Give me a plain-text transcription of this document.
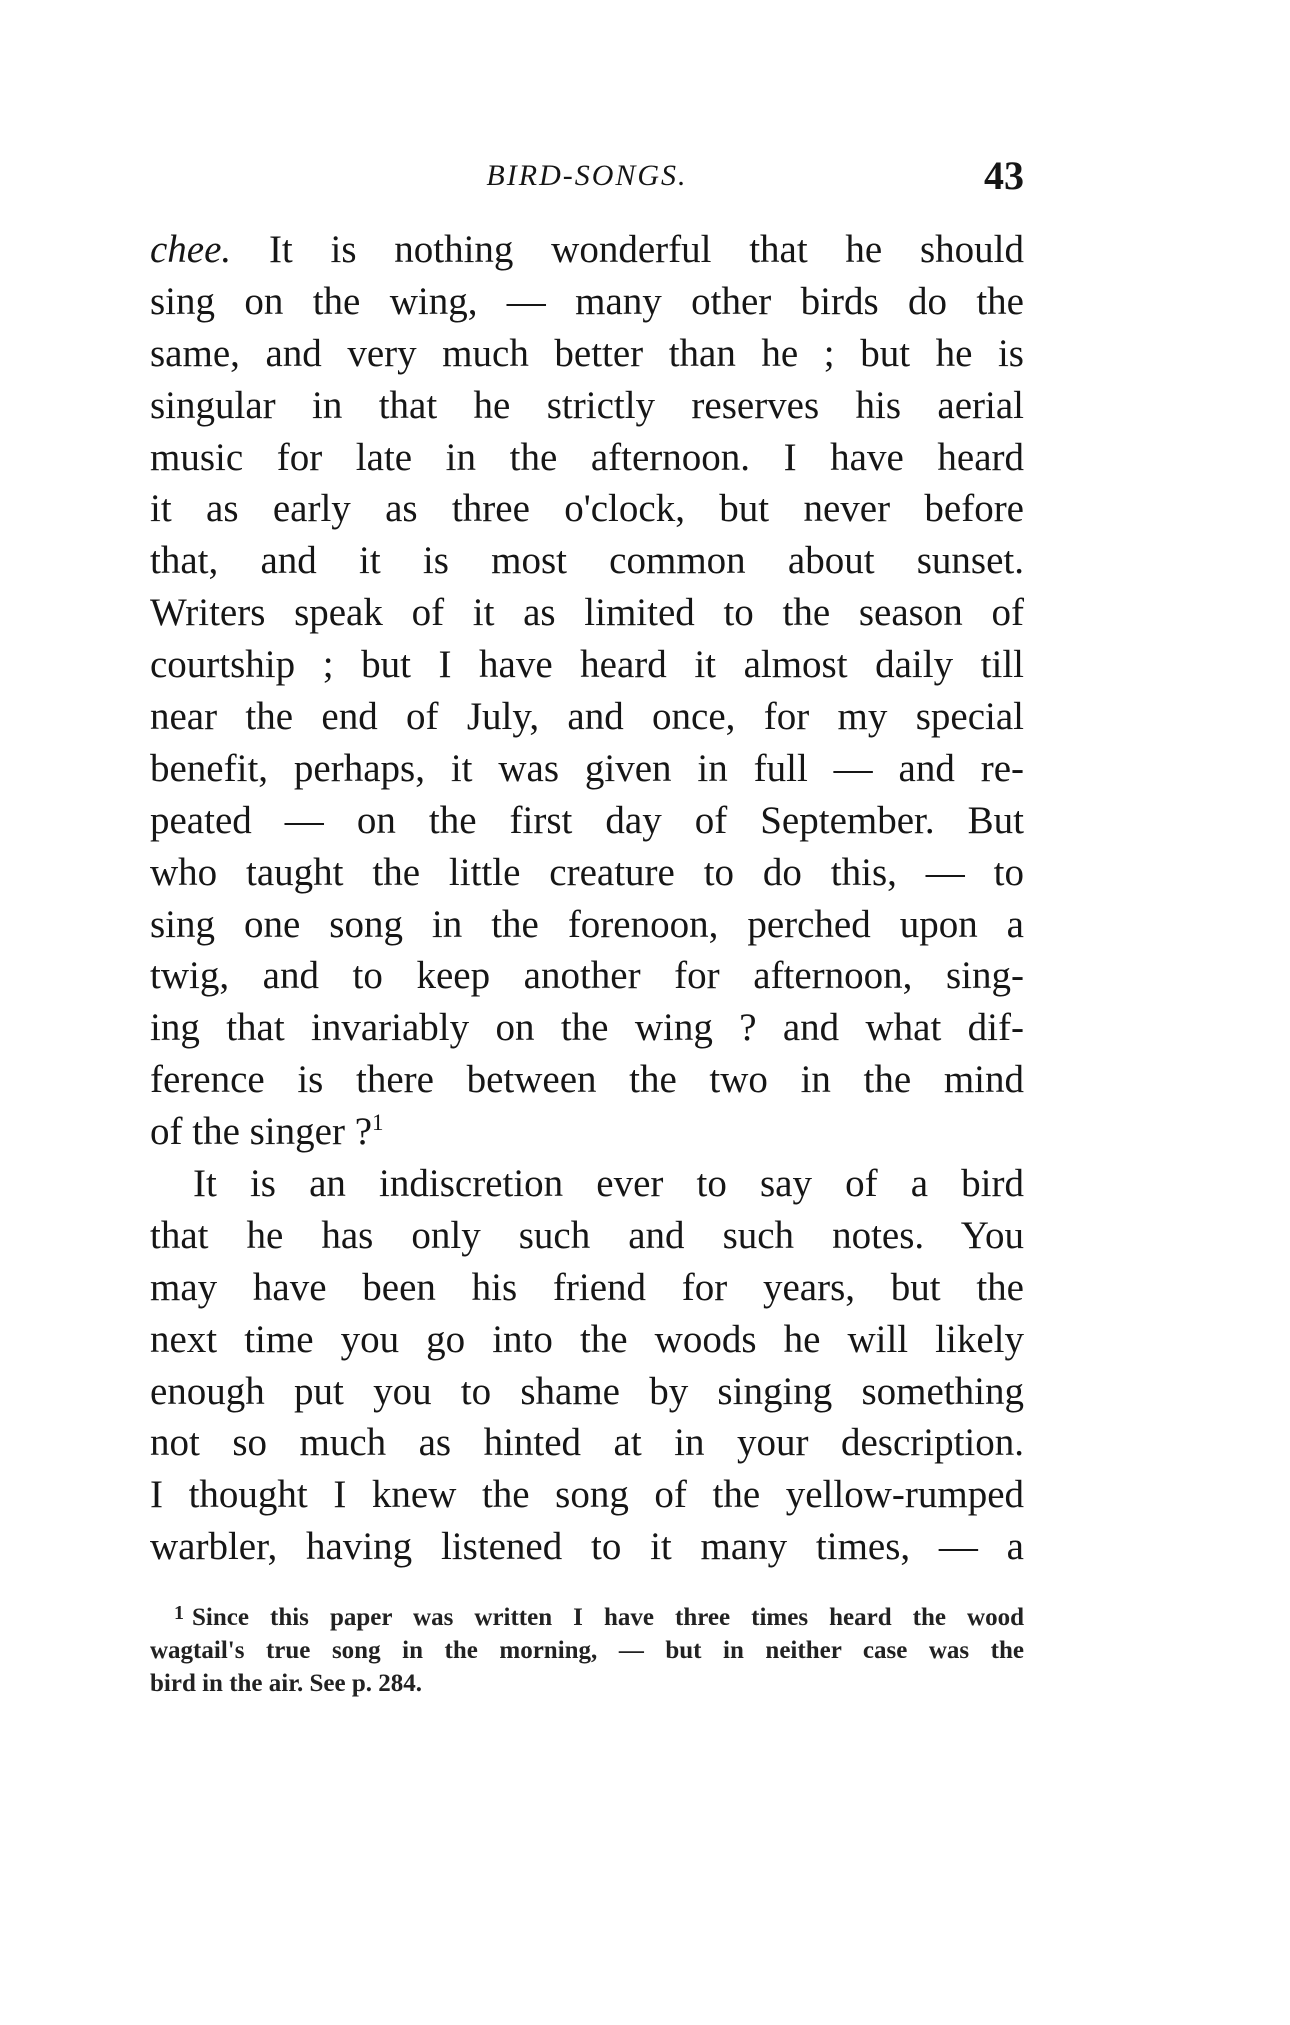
BIRD-SONGS.	43
chee. It is nothing wonderful that he should
sing on the wing, — many other birds do the
same, and very much better than he ; but he is
singular in that he strictly reserves his aerial
music for late in the afternoon. I have heard
it as early as three o'clock, but never before
that, and it is most common about sunset.
Writers speak of it as limited to the season of
courtship ; but I have heard it almost daily till
near the end of July, and once, for my special
benefit, perhaps, it was given in full — and re-
peated — on the first day of September. But
who taught the little creature to do this, — to
sing one song in the forenoon, perched upon a
twig, and to keep another for afternoon, sing-
ing that invariably on the wing ? and what dif-
ference is there between the two in the mind
of the singer ?$^1$
It is an indiscretion ever to say of a bird
that he has only such and such notes. You
may have been his friend for years, but the
next time you go into the woods he will likely
enough put you to shame by singing something
not so much as hinted at in your description.
I thought I knew the song of the yellow-rumped
warbler, having listened to it many times, — a
$^1$ Since this paper was written I have three times heard the wood
wagtail's true song in the morning, — but in neither case was the
bird in the air. See p. 284.
